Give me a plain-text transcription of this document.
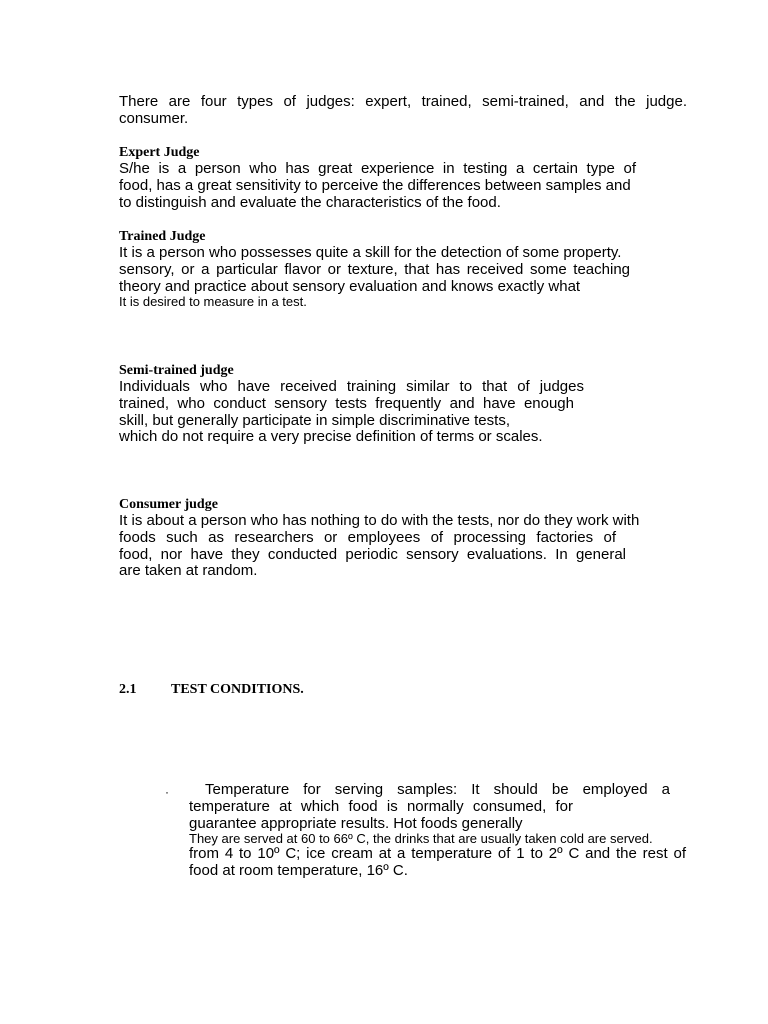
There are four types of judges: expert, trained, semi-trained, and the judge.
consumer.
Expert Judge
S/he is a person who has great experience in testing a certain type of
food, has a great sensitivity to perceive the differences between samples and
to distinguish and evaluate the characteristics of the food.
Trained Judge
It is a person who possesses quite a skill for the detection of some property.
sensory, or a particular flavor or texture, that has received some teaching
theory and practice about sensory evaluation and knows exactly what
It is desired to measure in a test.
Semi-trained judge
Individuals who have received training similar to that of judges
trained, who conduct sensory tests frequently and have enough
skill, but generally participate in simple discriminative tests,
which do not require a very precise definition of terms or scales.
Consumer judge
It is about a person who has nothing to do with the tests, nor do they work with
foods such as researchers or employees of processing factories of
food, nor have they conducted periodic sensory evaluations. In general
are taken at random.
2.1 TEST CONDITIONS.
·	Temperature for serving samples: It should be employed a
temperature at which food is normally consumed, for
guarantee appropriate results. Hot foods generally
They are served at 60 to 66º C, the drinks that are usually taken cold are served.
from 4 to 10º C; ice cream at a temperature of 1 to 2º C and the rest of
food at room temperature, 16º C.
